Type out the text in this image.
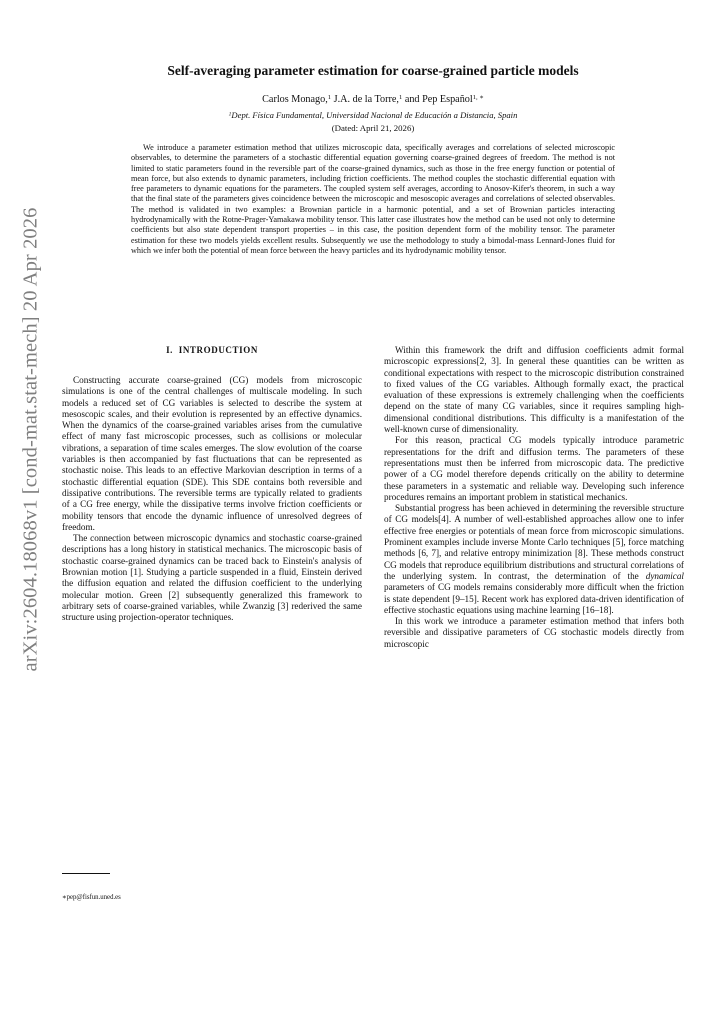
arXiv:2604.18068v1 [cond-mat.stat-mech] 20 Apr 2026
Self-averaging parameter estimation for coarse-grained particle models
Carlos Monago,$^1$ J.A. de la Torre,$^1$ and Pep Español$^{1, ∗}$
$^1$Dept. Física Fundamental, Universidad Nacional de Educación a Distancia, Spain
(Dated: April 21, 2026)

We introduce a parameter estimation method that utilizes microscopic data, specifically averages and correlations of selected microscopic observables, to determine the parameters of a stochastic differential equation governing coarse-grained degrees of freedom. The method is not limited to static parameters found in the reversible part of the coarse-grained dynamics, such as those in the free energy function or potential of mean force, but also extends to dynamic parameters, including friction coefficients. The method couples the stochastic differential equation with free parameters to dynamic equations for the parameters. The coupled system self averages, according to Anosov-Kifer's theorem, in such a way that the final state of the parameters gives coincidence between the microscopic and mesoscopic averages and correlations of selected observables. The method is validated in two examples: a Brownian particle in a harmonic potential, and a set of Brownian particles interacting hydrodynamically with the Rotne-Prager-Yamakawa mobility tensor. This latter case illustrates how the method can be used not only to determine coefficients but also state dependent transport properties – in this case, the position dependent form of the mobility tensor. The parameter estimation for these two models yields excellent results. Subsequently we use the methodology to study a bimodal-mass Lennard-Jones fluid for which we infer both the potential of mean force between the heavy particles and its hydrodynamic mobility tensor.

I. INTRODUCTION

Constructing accurate coarse-grained (CG) models from microscopic simulations is one of the central challenges of multiscale modeling. In such models a reduced set of CG variables is selected to describe the system at mesoscopic scales, and their evolution is represented by an effective dynamics. When the dynamics of the coarse-grained variables arises from the cumulative effect of many fast microscopic processes, such as collisions or molecular vibrations, a separation of time scales emerges. The slow evolution of the coarse variables is then accompanied by fast fluctuations that can be represented as stochastic noise. This leads to an effective Markovian description in terms of a stochastic differential equation (SDE). This SDE contains both reversible and dissipative contributions. The reversible terms are typically related to gradients of a CG free energy, while the dissipative terms involve friction coefficients or mobility tensors that encode the dynamic influence of unresolved degrees of freedom.

The connection between microscopic dynamics and stochastic coarse-grained descriptions has a long history in statistical mechanics. The microscopic basis of stochastic coarse-grained dynamics can be traced back to Einstein's analysis of Brownian motion [1]. Studying a particle suspended in a fluid, Einstein derived the diffusion equation and related the diffusion coefficient to the underlying molecular motion. Green [2] subsequently generalized this framework to arbitrary sets of coarse-grained variables, while Zwanzig [3] rederived the same structure using projection-operator techniques.

Within this framework the drift and diffusion coefficients admit formal microscopic expressions[2, 3]. In general these quantities can be written as conditional expectations with respect to the microscopic distribution constrained to fixed values of the CG variables. Although formally exact, the practical evaluation of these expressions is extremely challenging when the coefficients depend on the state of many CG variables, since it requires sampling high-dimensional conditional distributions. This difficulty is a manifestation of the well-known curse of dimensionality.

For this reason, practical CG models typically introduce parametric representations for the drift and diffusion terms. The parameters of these representations must then be inferred from microscopic data. The predictive power of a CG model therefore depends critically on the ability to determine these parameters in a systematic and reliable way. Developing such inference procedures remains an important problem in statistical mechanics.

Substantial progress has been achieved in determining the reversible structure of CG models[4]. A number of well-established approaches allow one to infer effective free energies or potentials of mean force from microscopic simulations. Prominent examples include inverse Monte Carlo techniques [5], force matching methods [6, 7], and relative entropy minimization [8]. These methods construct CG models that reproduce equilibrium distributions and structural correlations of the underlying system. In contrast, the determination of the dynamical parameters of CG models remains considerably more difficult when the friction is state dependent [9–15]. Recent work has explored data-driven identification of effective stochastic equations using machine learning [16–18].

In this work we introduce a parameter estimation method that infers both reversible and dissipative parameters of CG stochastic models directly from microscopic

∗pep@fisfun.uned.es
